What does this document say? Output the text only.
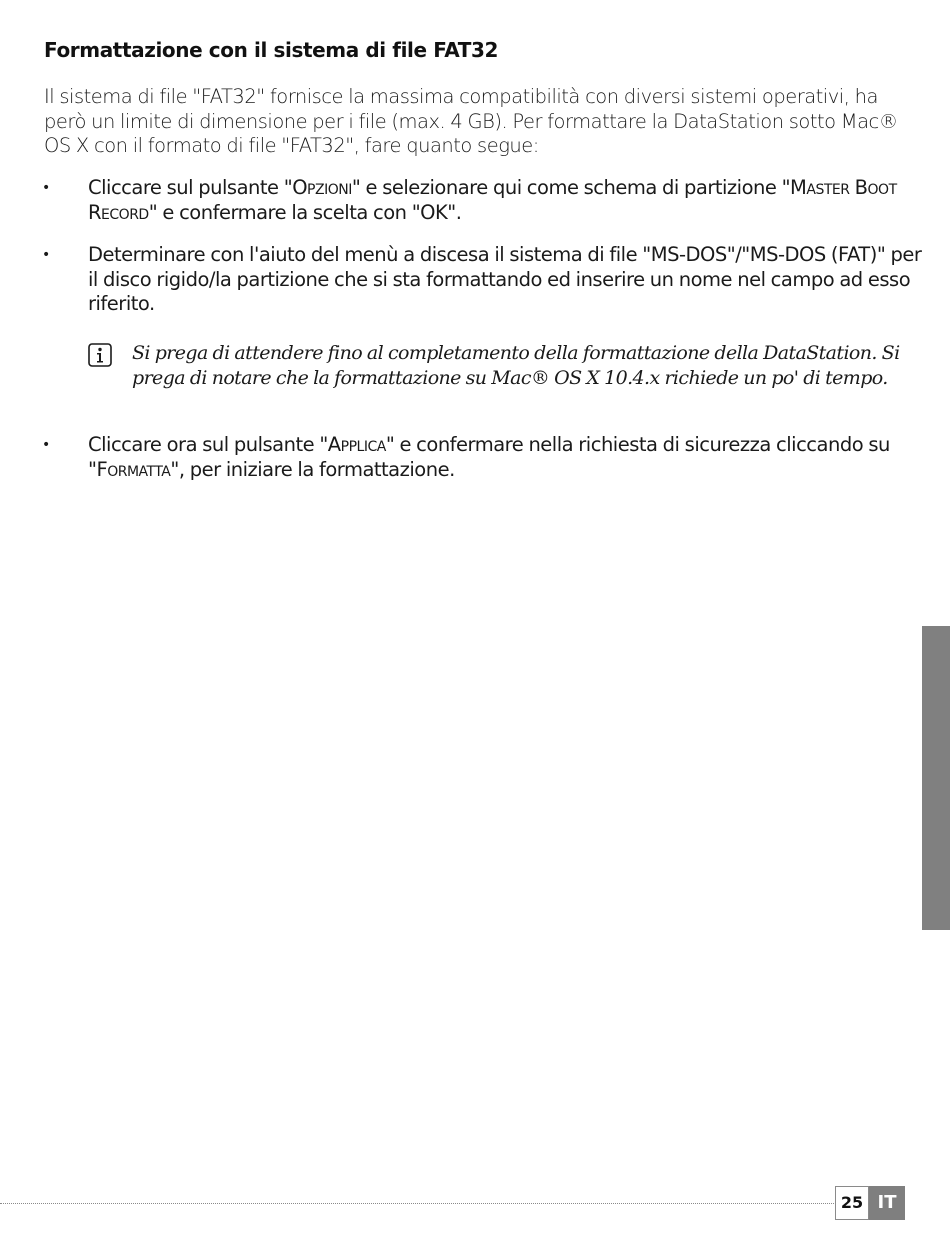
Formattazione con il sistema di file FAT32

Il sistema di file "FAT32" fornisce la massima compatibilità con diversi sistemi operativi, ha però un limite di dimensione per i file (max. 4 GB). Per formattare la DataStation sotto Mac® OS X con il formato di file "FAT32", fare quanto segue:

• Cliccare sul pulsante "Opzioni" e selezionare qui come schema di partizione "Master Boot Record" e confermare la scelta con "OK".

• Determinare con l'aiuto del menù a discesa il sistema di file "MS-DOS"/"MS-DOS (FAT)" per il disco rigido/la partizione che si sta formattando ed inserire un nome nel campo ad esso riferito.

Si prega di attendere fino al completamento della formattazione della DataStation. Si prega di notare che la formattazione su Mac® OS X 10.4.x richiede un po' di tempo.

• Cliccare ora sul pulsante "Applica" e confermare nella richiesta di sicurezza cliccando su "Formatta", per iniziare la formattazione.

25 IT
